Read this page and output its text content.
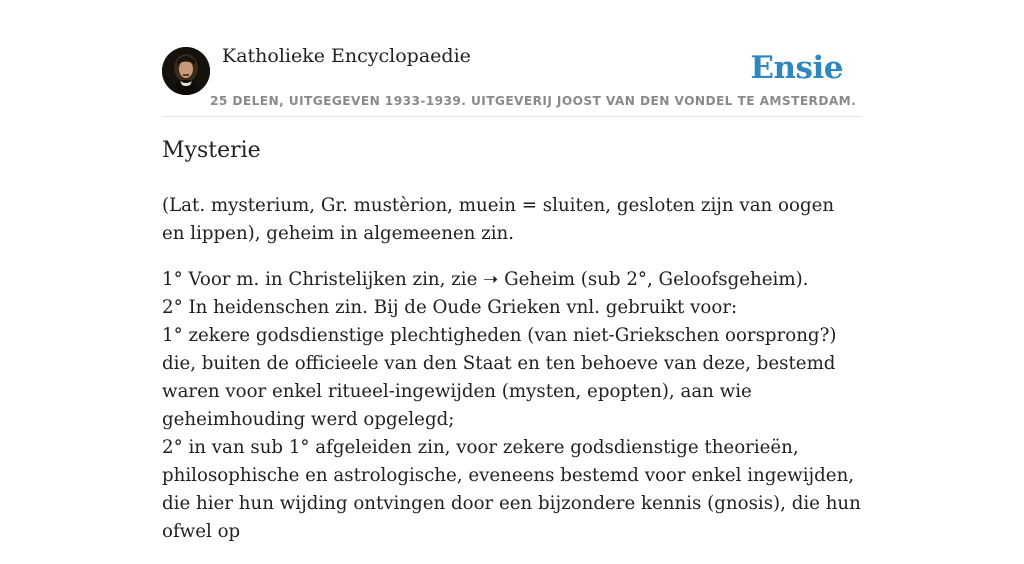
Katholieke Encyclopaedie	Ensie
25 DELEN, UITGEGEVEN 1933-1939. UITGEVERIJ JOOST VAN DEN VONDEL TE AMSTERDAM.
Mysterie

(Lat. mysterium, Gr. mustèrion, muein = sluiten, gesloten zijn van oogen en lippen), geheim in algemeenen zin.

1° Voor m. in Christelijken zin, zie ➝ Geheim (sub 2°, Geloofsgeheim).
2° In heidenschen zin. Bij de Oude Grieken vnl. gebruikt voor:
1° zekere godsdienstige plechtigheden (van niet-Griekschen oorsprong?) die, buiten de officieele van den Staat en ten behoeve van deze, bestemd waren voor enkel ritueel-ingewijden (mysten, epopten), aan wie geheimhouding werd opgelegd;
2° in van sub 1° afgeleiden zin, voor zekere godsdienstige theorieën, philosophische en astrologische, eveneens bestemd voor enkel ingewijden, die hier hun wijding ontvingen door een bijzondere kennis (gnosis), die hun ofwel op
